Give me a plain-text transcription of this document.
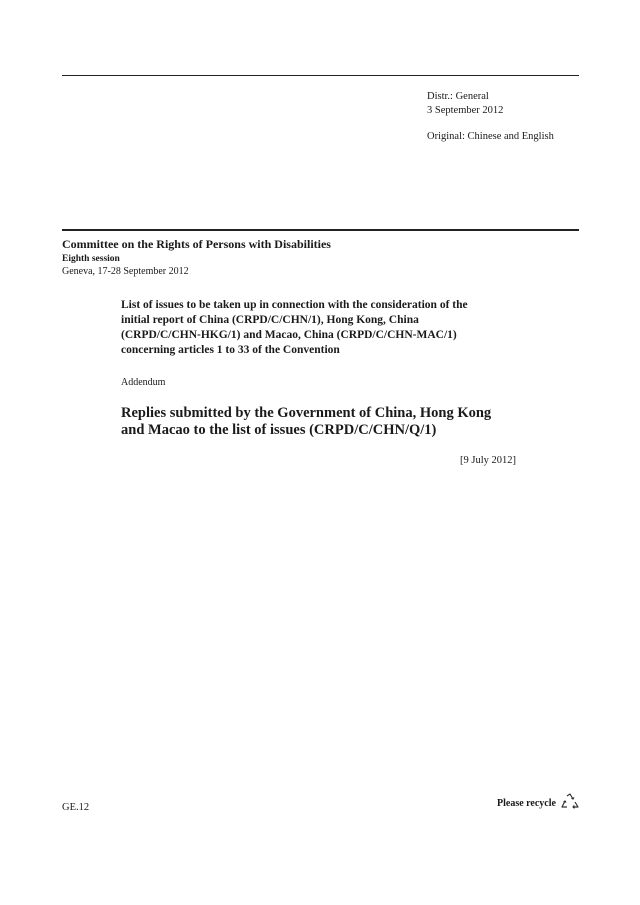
Distr.: General
3 September 2012
Original: Chinese and English
Committee on the Rights of Persons with Disabilities
Eighth session
Geneva, 17-28 September 2012
List of issues to be taken up in connection with the consideration of the
initial report of China (CRPD/C/CHN/1), Hong Kong, China
(CRPD/C/CHN-HKG/1) and Macao, China (CRPD/C/CHN-MAC/1)
concerning articles 1 to 33 of the Convention
Addendum
Replies submitted by the Government of China, Hong Kong
and Macao to the list of issues (CRPD/C/CHN/Q/1)
[9 July 2012]
GE.12	Please recycle
